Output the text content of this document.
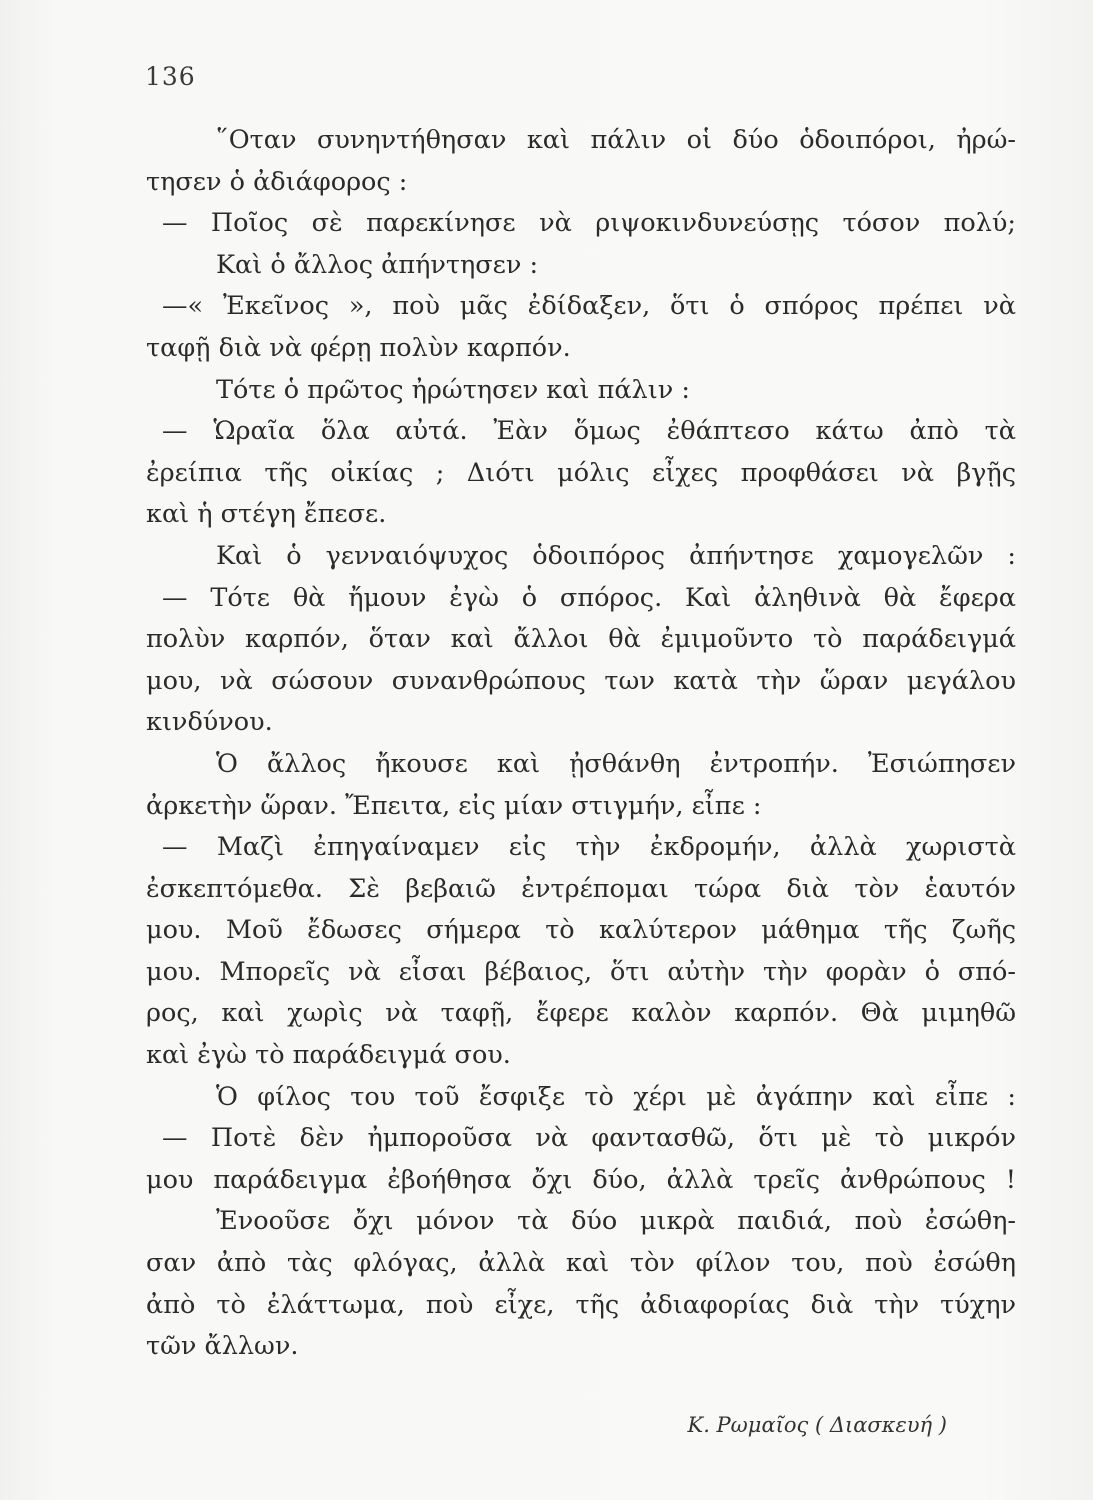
136
῞Οταν συνηντήθησαν καὶ πάλιν οἱ δύο ὁδοιπόροι, ἠρώ-
τησεν ὁ ἀδιάφορος :
— Ποῖος σὲ παρεκίνησε νὰ ριψοκινδυνεύσῃς τόσον πολύ;
Καὶ ὁ ἄλλος ἀπήντησεν :
—« Ἐκεῖνος », ποὺ μᾶς ἐδίδαξεν, ὅτι ὁ σπόρος πρέπει νὰ
ταφῇ διὰ νὰ φέρῃ πολὺν καρπόν.
Τότε ὁ πρῶτος ἠρώτησεν καὶ πάλιν :
— Ὡραῖα ὅλα αὐτά. Ἐὰν ὅμως ἐθάπτεσο κάτω ἀπὸ τὰ
ἐρείπια τῆς οἰκίας ; Διότι μόλις εἶχες προφθάσει νὰ βγῇς
καὶ ἡ στέγη ἔπεσε.
Καὶ ὁ γενναιόψυχος ὁδοιπόρος ἀπήντησε χαμογελῶν :
— Τότε θὰ ἤμουν ἐγὼ ὁ σπόρος. Καὶ ἀληθινὰ θὰ ἔφερα
πολὺν καρπόν, ὅταν καὶ ἄλλοι θὰ ἐμιμοῦντο τὸ παράδειγμά
μου, νὰ σώσουν συνανθρώπους των κατὰ τὴν ὥραν μεγάλου
κινδύνου.
Ὁ ἄλλος ἤκουσε καὶ ᾐσθάνθη ἐντροπήν. Ἐσιώπησεν
ἀρκετὴν ὥραν. Ἔπειτα, εἰς μίαν στιγμήν, εἶπε :
— Μαζὶ ἐπηγαίναμεν εἰς τὴν ἐκδρομήν, ἀλλὰ χωριστὰ
ἐσκεπτόμεθα. Σὲ βεβαιῶ ἐντρέπομαι τώρα διὰ τὸν ἑαυτόν
μου. Μοῦ ἔδωσες σήμερα τὸ καλύτερον μάθημα τῆς ζωῆς
μου. Μπορεῖς νὰ εἶσαι βέβαιος, ὅτι αὐτὴν τὴν φορὰν ὁ σπό-
ρος, καὶ χωρὶς νὰ ταφῇ, ἔφερε καλὸν καρπόν. Θὰ μιμηθῶ
καὶ ἐγὼ τὸ παράδειγμά σου.
Ὁ φίλος του τοῦ ἔσφιξε τὸ χέρι μὲ ἀγάπην καὶ εἶπε :
— Ποτὲ δὲν ἠμποροῦσα νὰ φαντασθῶ, ὅτι μὲ τὸ μικρόν
μου παράδειγμα ἐβοήθησα ὄχι δύο, ἀλλὰ τρεῖς ἀνθρώπους !
Ἐνοοῦσε ὄχι μόνον τὰ δύο μικρὰ παιδιά, ποὺ ἐσώθη-
σαν ἀπὸ τὰς φλόγας, ἀλλὰ καὶ τὸν φίλον του, ποὺ ἐσώθη
ἀπὸ τὸ ἐλάττωμα, ποὺ εἶχε, τῆς ἀδιαφορίας διὰ τὴν τύχην
τῶν ἄλλων.
Κ. Ρωμαῖος ( Διασκευή )
